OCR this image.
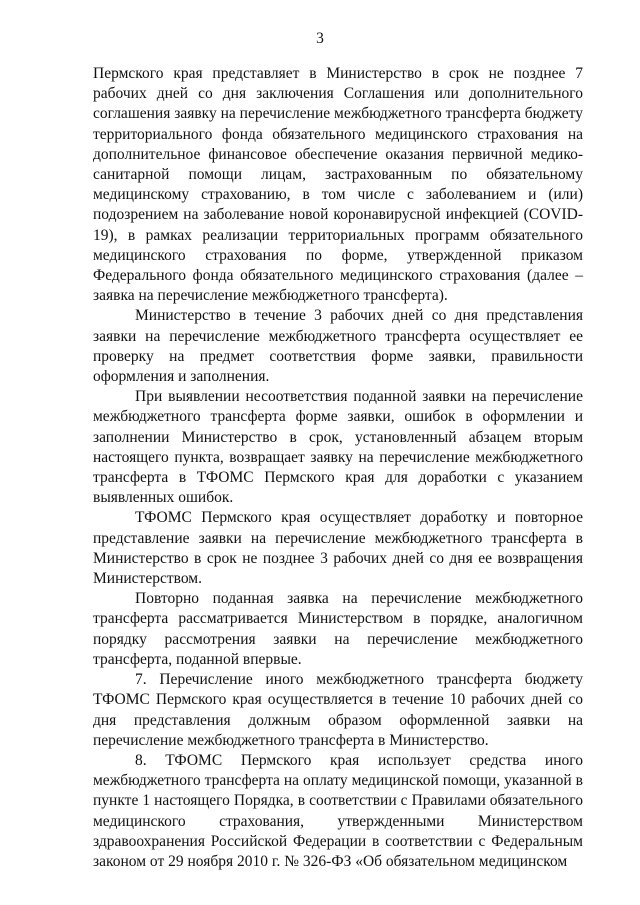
3

Пермского края представляет в Министерство в срок не позднее 7 рабочих дней со дня заключения Соглашения или дополнительного соглашения заявку на перечисление межбюджетного трансферта бюджету территориального фонда обязательного медицинского страхования на дополнительное финансовое обеспечение оказания первичной медико-санитарной помощи лицам, застрахованным по обязательному медицинскому страхованию, в том числе с заболеванием и (или) подозрением на заболевание новой коронавирусной инфекцией (COVID-19), в рамках реализации территориальных программ обязательного медицинского страхования по форме, утвержденной приказом Федерального фонда обязательного медицинского страхования (далее – заявка на перечисление межбюджетного трансферта).

Министерство в течение 3 рабочих дней со дня представления заявки на перечисление межбюджетного трансферта осуществляет ее проверку на предмет соответствия форме заявки, правильности оформления и заполнения.

При выявлении несоответствия поданной заявки на перечисление межбюджетного трансферта форме заявки, ошибок в оформлении и заполнении Министерство в срок, установленный абзацем вторым настоящего пункта, возвращает заявку на перечисление межбюджетного трансферта в ТФОМС Пермского края для доработки с указанием выявленных ошибок.

ТФОМС Пермского края осуществляет доработку и повторное представление заявки на перечисление межбюджетного трансферта в Министерство в срок не позднее 3 рабочих дней со дня ее возвращения Министерством.

Повторно поданная заявка на перечисление межбюджетного трансферта рассматривается Министерством в порядке, аналогичном порядку рассмотрения заявки на перечисление межбюджетного трансферта, поданной впервые.

7. Перечисление иного межбюджетного трансферта бюджету ТФОМС Пермского края осуществляется в течение 10 рабочих дней со дня представления должным образом оформленной заявки на перечисление межбюджетного трансферта в Министерство.

8. ТФОМС Пермского края использует средства иного межбюджетного трансферта на оплату медицинской помощи, указанной в пункте 1 настоящего Порядка, в соответствии с Правилами обязательного медицинского страхования, утвержденными Министерством здравоохранения Российской Федерации в соответствии с Федеральным законом от 29 ноября 2010 г. № 326-ФЗ «Об обязательном медицинском
